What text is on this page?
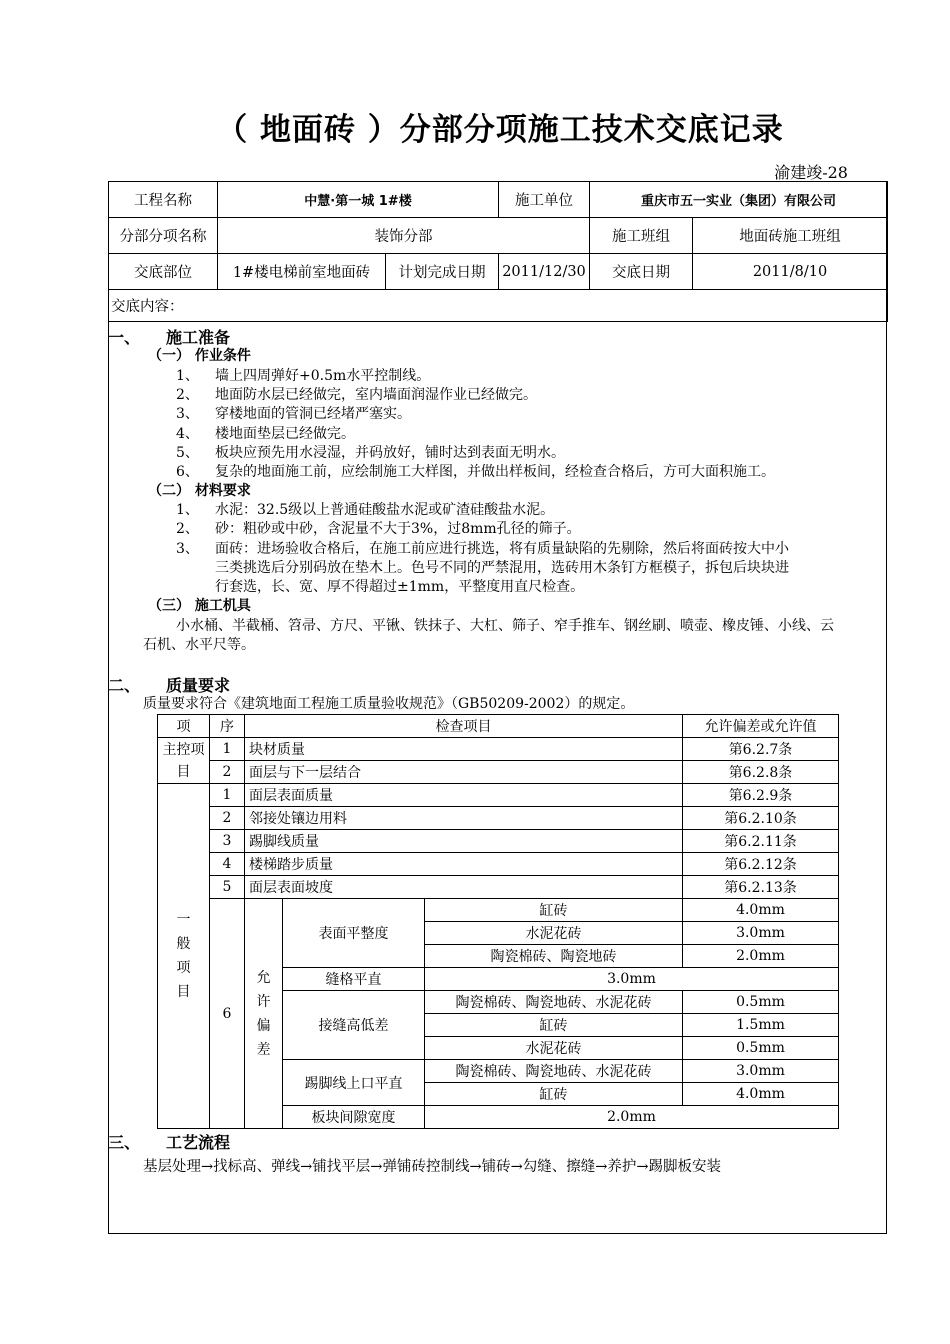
（ 地面砖 ）分部分项施工技术交底记录
渝建竣-28
工程名称	中慧·第一城 1#楼		施工单位	重庆市五一实业（集团）有限公司	
分部分项名称	装饰分部			施工班组	地面砖施工班组
交底部位	1#楼电梯前室地面砖	计划完成日期	2011/12/30	交底日期	2011/8/10
交底内容：					
一、 施工准备
（一） 作业条件
1、 墙上四周弹好+0.5m水平控制线。
2、 地面防水层已经做完，室内墙面润湿作业已经做完。
3、 穿楼地面的管洞已经堵严塞实。
4、 楼地面垫层已经做完。
5、 板块应预先用水浸湿，并码放好，铺时达到表面无明水。
6、 复杂的地面施工前，应绘制施工大样图，并做出样板间，经检查合格后，方可大面积施工。
（二） 材料要求
1、 水泥：32.5级以上普通硅酸盐水泥或矿渣硅酸盐水泥。
2、 砂：粗砂或中砂，含泥量不大于3%，过8mm孔径的筛子。
3、 面砖：进场验收合格后，在施工前应进行挑选，将有质量缺陷的先剔除，然后将面砖按大中小
三类挑选后分别码放在垫木上。色号不同的严禁混用，选砖用木条钉方框模子，拆包后块块进
行套选，长、宽、厚不得超过±1mm，平整度用直尺检查。
（三） 施工机具
小水桶、半截桶、笤帚、方尺、平锹、铁抹子、大杠、筛子、窄手推车、钢丝刷、喷壶、橡皮锤、小线、云
石机、水平尺等。
二、 质量要求
质量要求符合《建筑地面工程施工质量验收规范》（GB50209-2002）的规定。
项	序	检查项目			允许偏差或允许值
主控项目	1	块材质量			第6.2.7条
	2	面层与下一层结合			第6.2.8条
一般项目	1	面层表面质量			第6.2.9条
	2	邻接处镶边用料			第6.2.10条
	3	踢脚线质量			第6.2.11条
	4	楼梯踏步质量			第6.2.12条
	5	面层表面坡度			第6.2.13条
	6	允许偏差	表面平整度	缸砖	4.0mm
				水泥花砖	3.0mm
				陶瓷棉砖、陶瓷地砖	2.0mm
			缝格平直	3.0mm	
			接缝高低差	陶瓷棉砖、陶瓷地砖、水泥花砖	0.5mm
				缸砖	1.5mm
				水泥花砖	0.5mm
			踢脚线上口平直	陶瓷棉砖、陶瓷地砖、水泥花砖	3.0mm
				缸砖	4.0mm
			板块间隙宽度	2.0mm	
三、 工艺流程
基层处理→找标高、弹线→铺找平层→弹铺砖控制线→铺砖→勾缝、擦缝→养护→踢脚板安装
